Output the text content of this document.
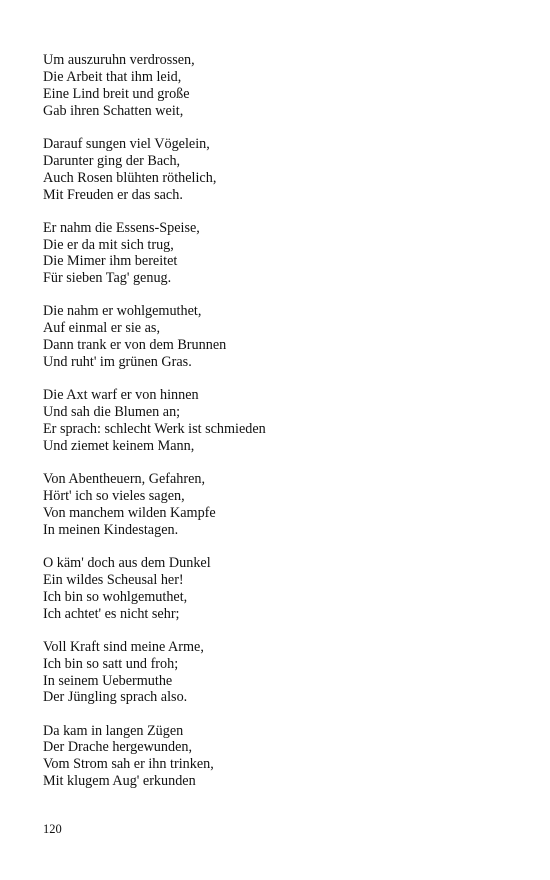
Um auszuruhn verdrossen,
Die Arbeit that ihm leid,
Eine Lind breit und große
Gab ihren Schatten weit,
Darauf sungen viel Vögelein,
Darunter ging der Bach,
Auch Rosen blühten röthelich,
Mit Freuden er das sach.
Er nahm die Essens-Speise,
Die er da mit sich trug,
Die Mimer ihm bereitet
Für sieben Tag' genug.
Die nahm er wohlgemuthet,
Auf einmal er sie as,
Dann trank er von dem Brunnen
Und ruht' im grünen Gras.
Die Axt warf er von hinnen
Und sah die Blumen an;
Er sprach: schlecht Werk ist schmieden
Und ziemet keinem Mann,
Von Abentheuern, Gefahren,
Hört' ich so vieles sagen,
Von manchem wilden Kampfe
In meinen Kindestagen.
O käm' doch aus dem Dunkel
Ein wildes Scheusal her!
Ich bin so wohlgemuthet,
Ich achtet' es nicht sehr;
Voll Kraft sind meine Arme,
Ich bin so satt und froh;
In seinem Uebermuthe
Der Jüngling sprach also.
Da kam in langen Zügen
Der Drache hergewunden,
Vom Strom sah er ihn trinken,
Mit klugem Aug' erkunden
120
